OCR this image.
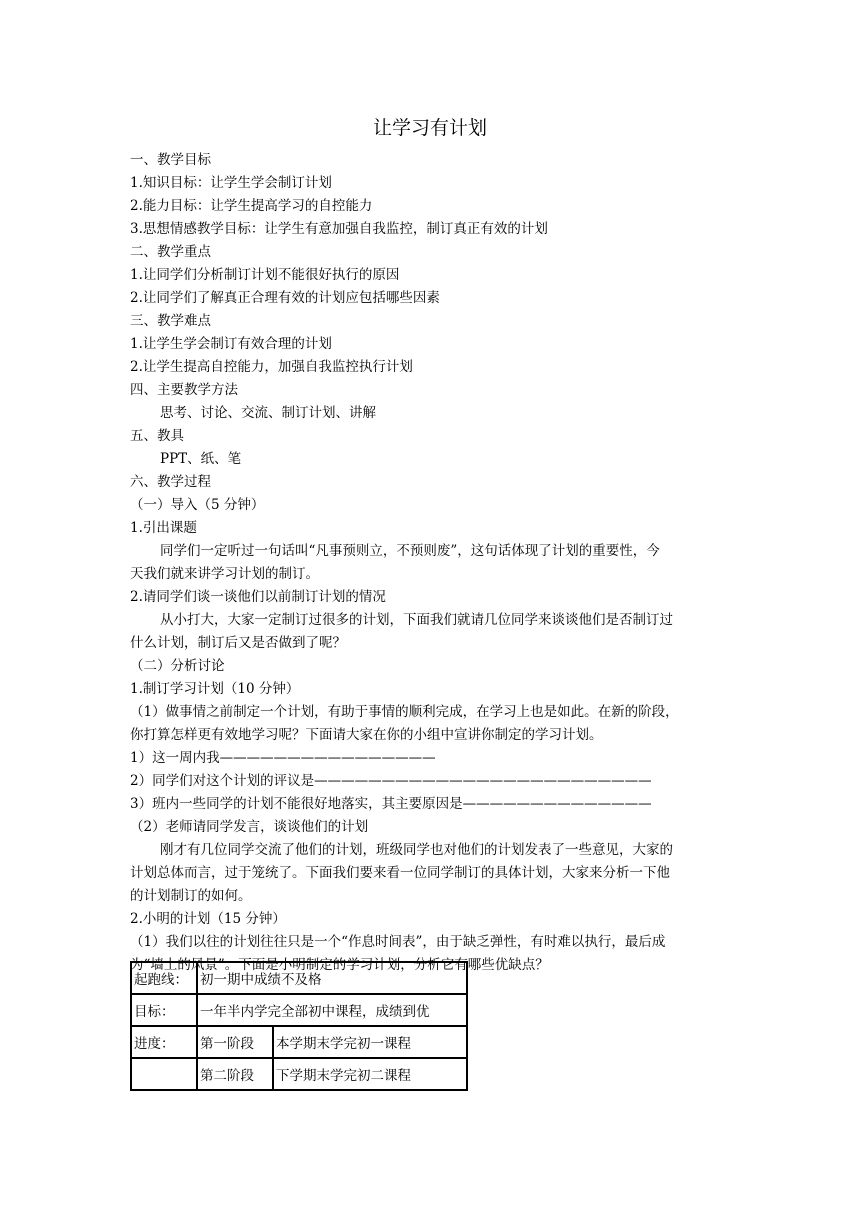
让学习有计划
一、教学目标
1.知识目标：让学生学会制订计划
2.能力目标：让学生提高学习的自控能力
3.思想情感教学目标：让学生有意加强自我监控，制订真正有效的计划
二、教学重点
1.让同学们分析制订计划不能很好执行的原因
2.让同学们了解真正合理有效的计划应包括哪些因素
三、教学难点
1.让学生学会制订有效合理的计划
2.让学生提高自控能力，加强自我监控执行计划
四、主要教学方法
思考、讨论、交流、制订计划、讲解
五、教具
PPT、纸、笔
六、教学过程
（一）导入（5 分钟）
1.引出课题
同学们一定听过一句话叫“凡事预则立，不预则废”，这句话体现了计划的重要性，今
天我们就来讲学习计划的制订。
2.请同学们谈一谈他们以前制订计划的情况
从小打大，大家一定制订过很多的计划，下面我们就请几位同学来谈谈他们是否制订过
什么计划，制订后又是否做到了呢？
（二）分析讨论
1.制订学习计划（10 分钟）
（1）做事情之前制定一个计划，有助于事情的顺利完成，在学习上也是如此。在新的阶段，
你打算怎样更有效地学习呢？下面请大家在你的小组中宣讲你制定的学习计划。
1）这一周内我————————————————
2）同学们对这个计划的评议是—————————————————————————
3）班内一些同学的计划不能很好地落实，其主要原因是——————————————
（2）老师请同学发言，谈谈他们的计划
刚才有几位同学交流了他们的计划，班级同学也对他们的计划发表了一些意见，大家的
计划总体而言，过于笼统了。下面我们要来看一位同学制订的具体计划，大家来分析一下他
的计划制订的如何。
2.小明的计划（15 分钟）
（1）我们以往的计划往往只是一个“作息时间表”，由于缺乏弹性，有时难以执行，最后成
为“墙上的风景”。下面是小明制定的学习计划，分析它有哪些优缺点？
起跑线：	初一期中成绩不及格	
目标：	一年半内学完全部初中课程，成绩到优	
进度：	第一阶段	本学期末学完初一课程
	第二阶段	下学期末学完初二课程
